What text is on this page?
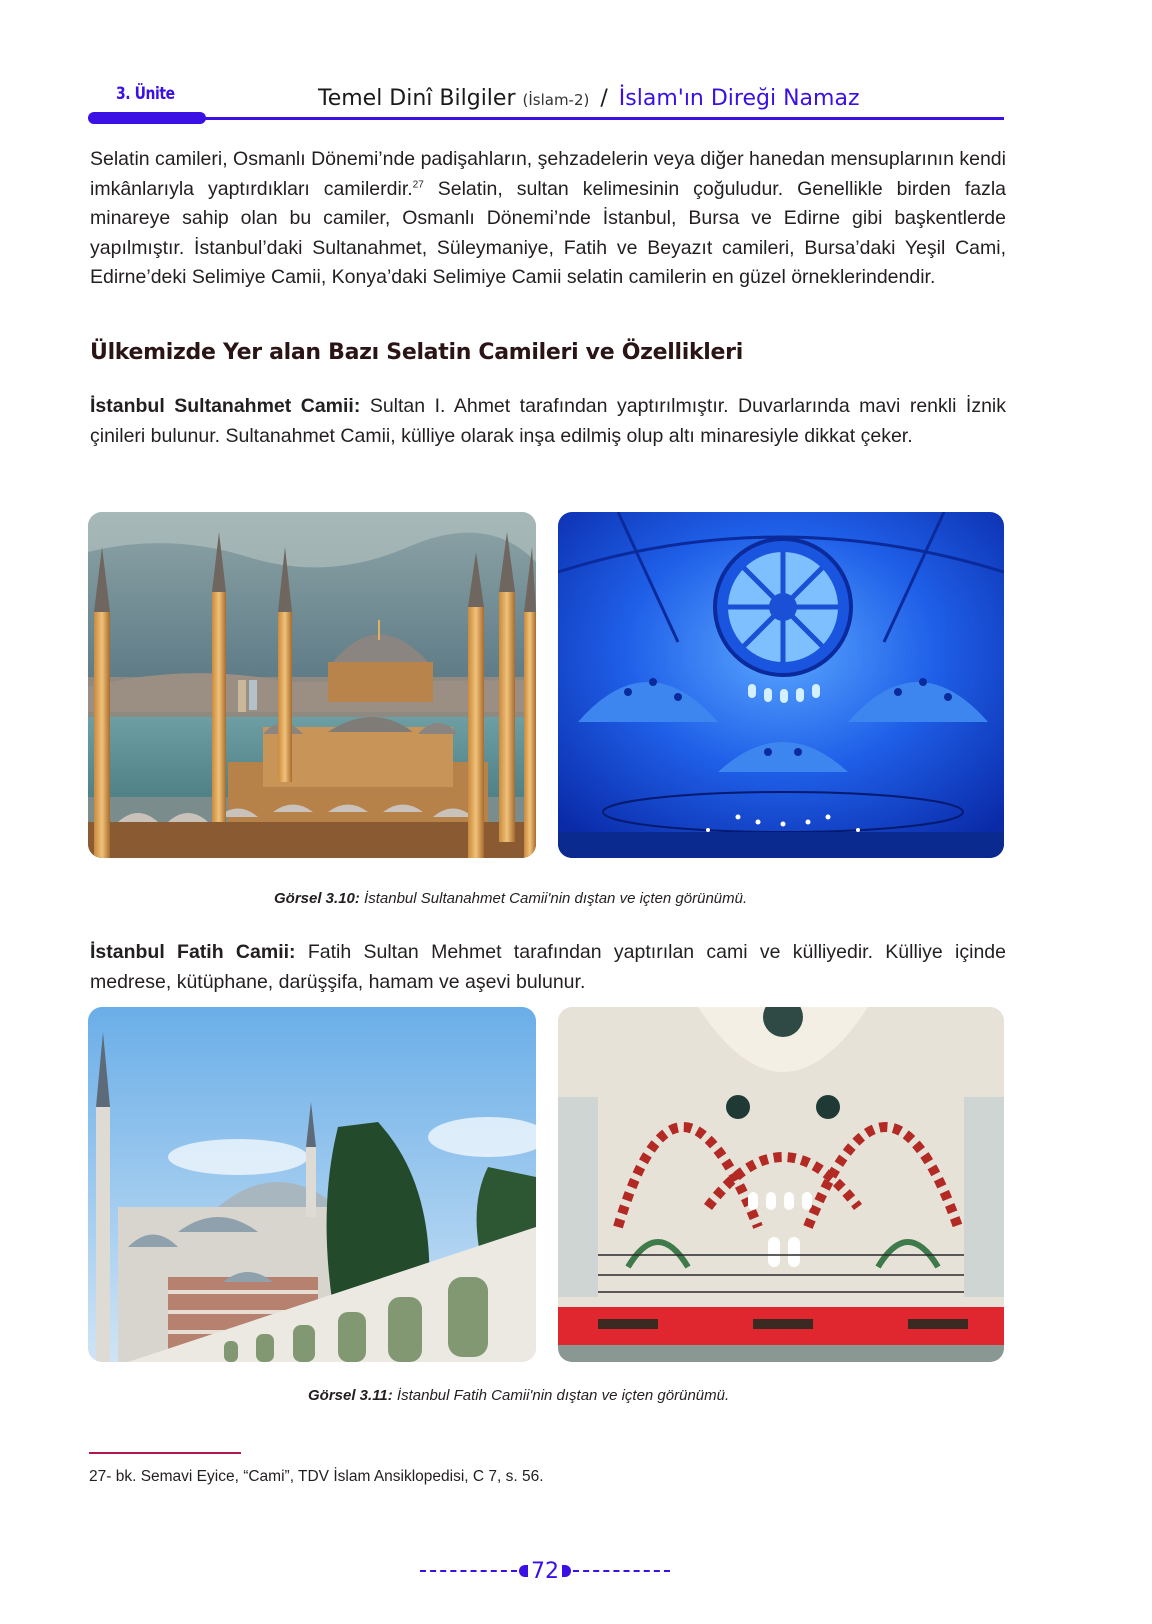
3. Ünite	Temel Dinî Bilgiler (İslam-2) / İslam'ın Direği Namaz

Selatin camileri, Osmanlı Dönemi’nde padişahların, şehzadelerin veya diğer hanedan mensuplarının kendi imkânlarıyla yaptırdıkları camilerdir.$^{27}$ Selatin, sultan kelimesinin çoğuludur. Genellikle birden fazla minareye sahip olan bu camiler, Osmanlı Dönemi’nde İstanbul, Bursa ve Edirne gibi başkentlerde yapılmıştır. İstanbul’daki Sultanahmet, Süleymaniye, Fatih ve Beyazıt camileri, Bursa’daki Yeşil Cami, Edirne’deki Selimiye Camii, Konya’daki Selimiye Camii selatin camilerin en güzel örneklerindendir.

Ülkemizde Yer alan Bazı Selatin Camileri ve Özellikleri

İstanbul Sultanahmet Camii: Sultan I. Ahmet tarafından yaptırılmıştır. Duvarlarında mavi renkli İznik çinileri bulunur. Sultanahmet Camii, külliye olarak inşa edilmiş olup altı minaresiyle dikkat çeker.

Görsel 3.10: İstanbul Sultanahmet Camii'nin dıştan ve içten görünümü.

İstanbul Fatih Camii: Fatih Sultan Mehmet tarafından yaptırılan cami ve külliyedir. Külliye içinde medrese, kütüphane, darüşşifa, hamam ve aşevi bulunur.

Görsel 3.11: İstanbul Fatih Camii'nin dıştan ve içten görünümü.
27- bk. Semavi Eyice, “Cami”, TDV İslam Ansiklopedisi, C 7, s. 56.
72
